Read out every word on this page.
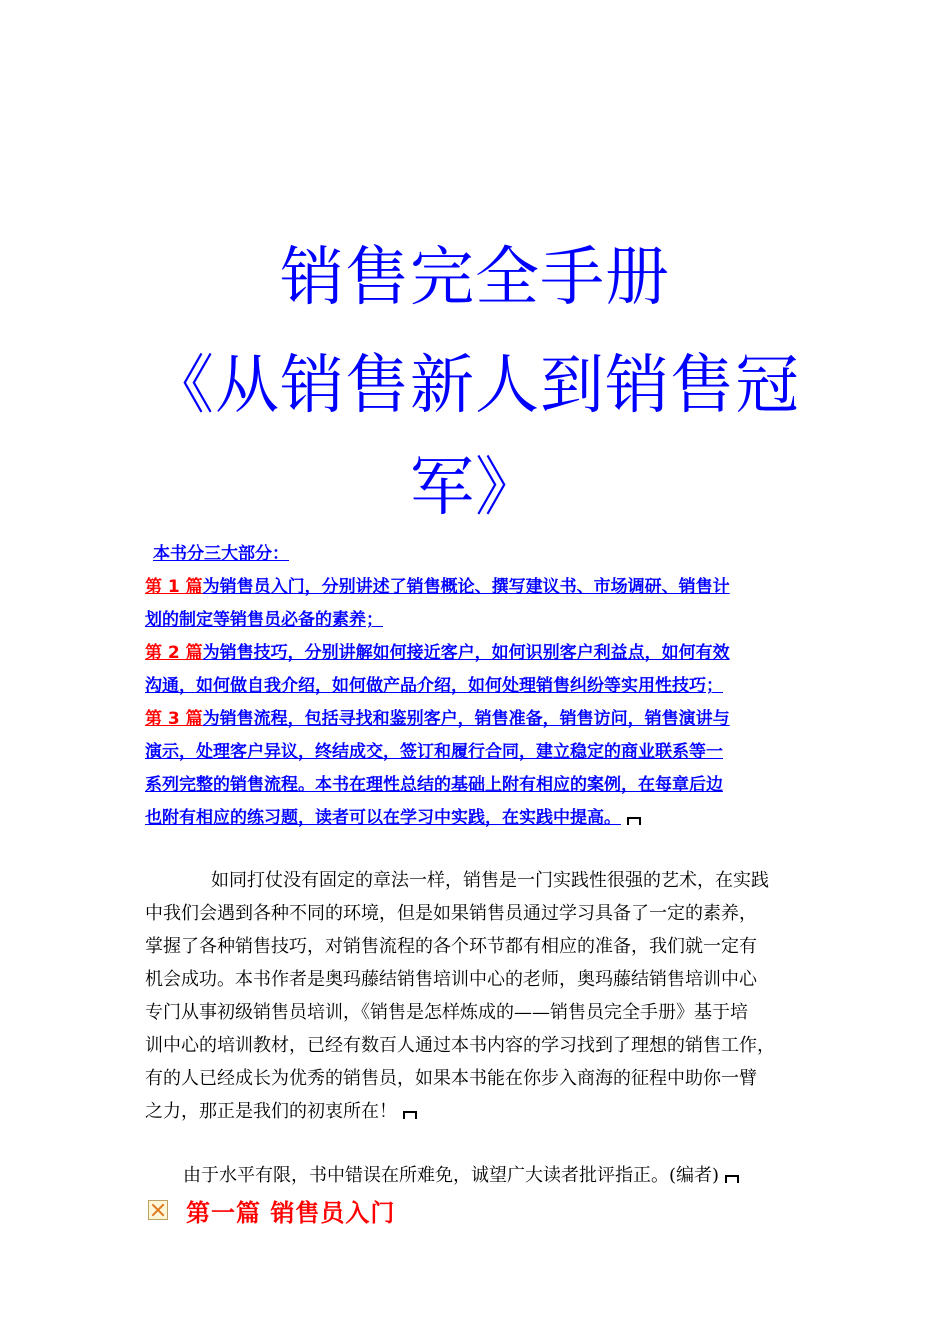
销售完全手册
《从销售新人到销售冠
军》
本书分三大部分：
第 1 篇为销售员入门，分别讲述了销售概论、撰写建议书、市场调研、销售计
划的制定等销售员必备的素养；
第 2 篇为销售技巧，分别讲解如何接近客户，如何识别客户利益点，如何有效
沟通，如何做自我介绍，如何做产品介绍，如何处理销售纠纷等实用性技巧；
第 3 篇为销售流程，包括寻找和鉴别客户，销售准备，销售访问，销售演讲与
演示，处理客户异议，终结成交，签订和履行合同，建立稳定的商业联系等一
系列完整的销售流程。本书在理性总结的基础上附有相应的案例，在每章后边
也附有相应的练习题，读者可以在学习中实践，在实践中提高。
如同打仗没有固定的章法一样，销售是一门实践性很强的艺术，在实践
中我们会遇到各种不同的环境，但是如果销售员通过学习具备了一定的素养，
掌握了各种销售技巧，对销售流程的各个环节都有相应的准备，我们就一定有
机会成功。本书作者是奥玛藤结销售培训中心的老师，奥玛藤结销售培训中心
专门从事初级销售员培训，《销售是怎样炼成的——销售员完全手册》基于培
训中心的培训教材，已经有数百人通过本书内容的学习找到了理想的销售工作，
有的人已经成长为优秀的销售员，如果本书能在你步入商海的征程中助你一臂
之力，那正是我们的初衷所在！
由于水平有限，书中错误在所难免，诚望广大读者批评指正。(编者)
第一篇 销售员入门
